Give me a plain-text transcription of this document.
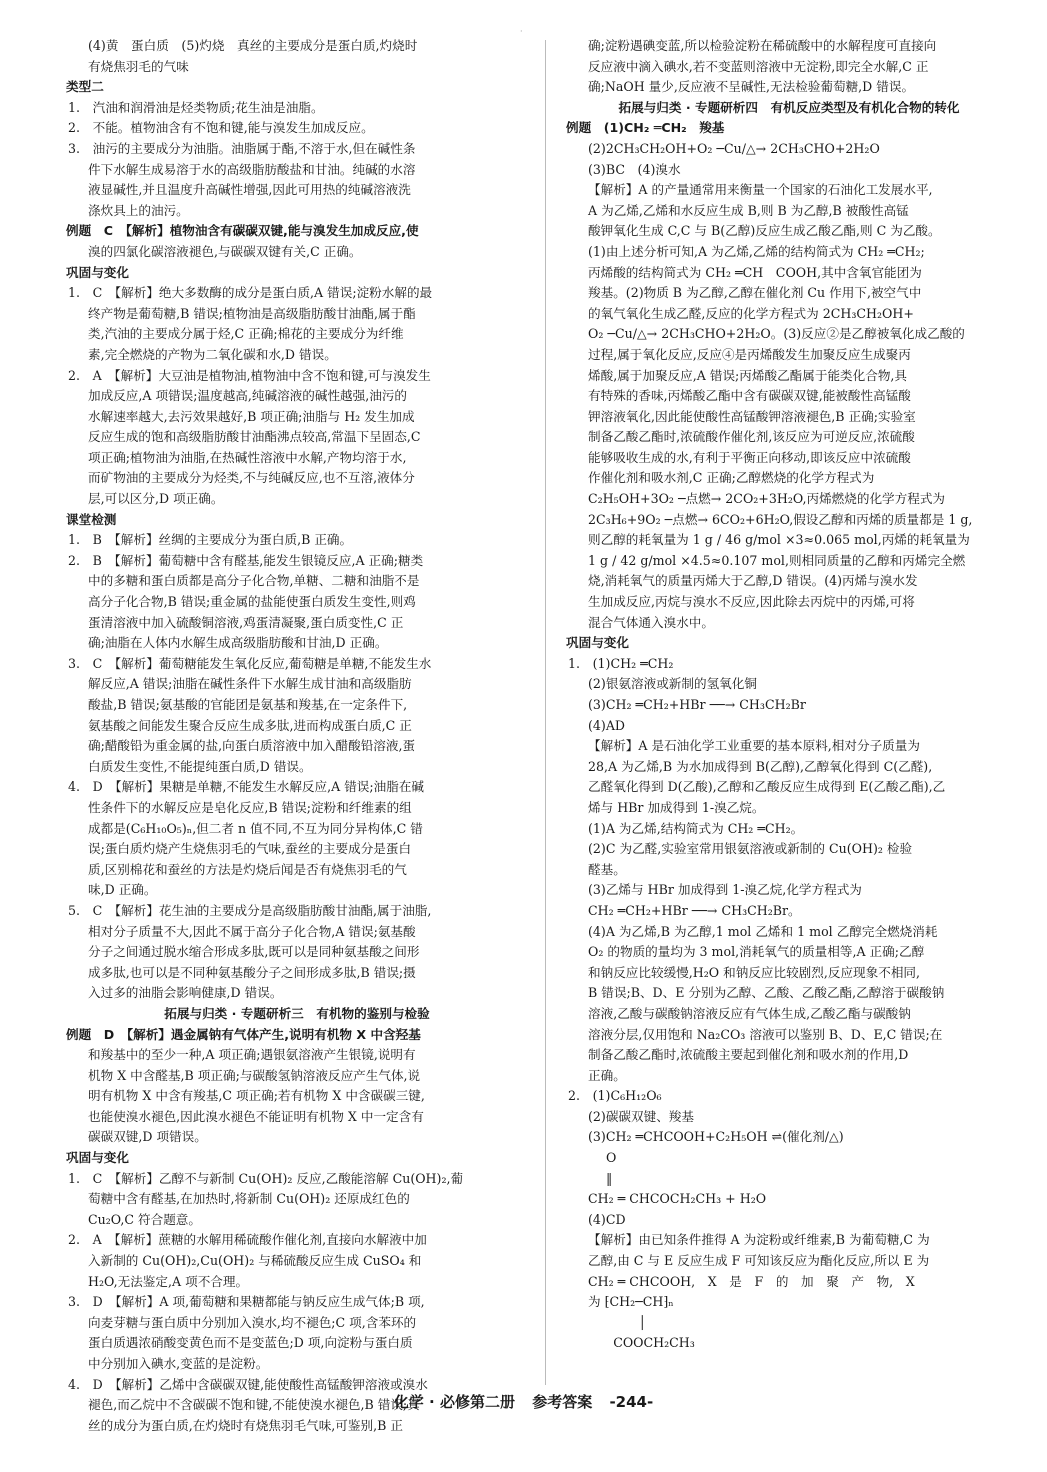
·
(4)黄　蛋白质　(5)灼烧　真丝的主要成分是蛋白质,灼烧时
有烧焦羽毛的气味
类型二
1.　汽油和润滑油是烃类物质;花生油是油脂。
2.　不能。植物油含有不饱和键,能与溴发生加成反应。
3.　油污的主要成分为油脂。油脂属于酯,不溶于水,但在碱性条
件下水解生成易溶于水的高级脂肪酸盐和甘油。纯碱的水溶
液显碱性,并且温度升高碱性增强,因此可用热的纯碱溶液洗
涤炊具上的油污。
例题　C　【解析】植物油含有碳碳双键,能与溴发生加成反应,使
溴的四氯化碳溶液褪色,与碳碳双键有关,C 正确。
巩固与变化
1.　C　【解析】绝大多数酶的成分是蛋白质,A 错误;淀粉水解的最
终产物是葡萄糖,B 错误;植物油是高级脂肪酸甘油酯,属于酯
类,汽油的主要成分属于烃,C 正确;棉花的主要成分为纤维
素,完全燃烧的产物为二氧化碳和水,D 错误。
2.　A　【解析】大豆油是植物油,植物油中含不饱和键,可与溴发生
加成反应,A 项错误;温度越高,纯碱溶液的碱性越强,油污的
水解速率越大,去污效果越好,B 项正确;油脂与 H₂ 发生加成
反应生成的饱和高级脂肪酸甘油酯沸点较高,常温下呈固态,C
项正确;植物油为油脂,在热碱性溶液中水解,产物均溶于水,
而矿物油的主要成分为烃类,不与纯碱反应,也不互溶,液体分
层,可以区分,D 项正确。
课堂检测
1.　B　【解析】丝绸的主要成分为蛋白质,B 正确。
2.　B　【解析】葡萄糖中含有醛基,能发生银镜反应,A 正确;糖类
中的多糖和蛋白质都是高分子化合物,单糖、二糖和油脂不是
高分子化合物,B 错误;重金属的盐能使蛋白质发生变性,则鸡
蛋清溶液中加入硫酸铜溶液,鸡蛋清凝聚,蛋白质变性,C 正
确;油脂在人体内水解生成高级脂肪酸和甘油,D 正确。
3.　C　【解析】葡萄糖能发生氧化反应,葡萄糖是单糖,不能发生水
解反应,A 错误;油脂在碱性条件下水解生成甘油和高级脂肪
酸盐,B 错误;氨基酸的官能团是氨基和羧基,在一定条件下,
氨基酸之间能发生聚合反应生成多肽,进而构成蛋白质,C 正
确;醋酸铅为重金属的盐,向蛋白质溶液中加入醋酸铅溶液,蛋
白质发生变性,不能提纯蛋白质,D 错误。
4.　D　【解析】果糖是单糖,不能发生水解反应,A 错误;油脂在碱
性条件下的水解反应是皂化反应,B 错误;淀粉和纤维素的组
成都是(C₆H₁₀O₅)ₙ,但二者 n 值不同,不互为同分异构体,C 错
误;蛋白质灼烧产生烧焦羽毛的气味,蚕丝的主要成分是蛋白
质,区别棉花和蚕丝的方法是灼烧后闻是否有烧焦羽毛的气
味,D 正确。
5.　C　【解析】花生油的主要成分是高级脂肪酸甘油酯,属于油脂,
相对分子质量不大,因此不属于高分子化合物,A 错误;氨基酸
分子之间通过脱水缩合形成多肽,既可以是同种氨基酸之间形
成多肽,也可以是不同种氨基酸分子之间形成多肽,B 错误;摄
入过多的油脂会影响健康,D 错误。
拓展与归类 · 专题研析三　有机物的鉴别与检验
例题　D　【解析】遇金属钠有气体产生,说明有机物 X 中含羟基
和羧基中的至少一种,A 项正确;遇银氨溶液产生银镜,说明有
机物 X 中含醛基,B 项正确;与碳酸氢钠溶液反应产生气体,说
明有机物 X 中含有羧基,C 项正确;若有机物 X 中含碳碳三键,
也能使溴水褪色,因此溴水褪色不能证明有机物 X 中一定含有
碳碳双键,D 项错误。
巩固与变化
1.　C　【解析】乙醇不与新制 Cu(OH)₂ 反应,乙酸能溶解 Cu(OH)₂,葡
萄糖中含有醛基,在加热时,将新制 Cu(OH)₂ 还原成红色的
Cu₂O,C 符合题意。
2.　A　【解析】蔗糖的水解用稀硫酸作催化剂,直接向水解液中加
入新制的 Cu(OH)₂,Cu(OH)₂ 与稀硫酸反应生成 CuSO₄ 和
H₂O,无法鉴定,A 项不合理。
3.　D　【解析】A 项,葡萄糖和果糖都能与钠反应生成气体;B 项,
向麦芽糖与蛋白质中分别加入溴水,均不褪色;C 项,含苯环的
蛋白质遇浓硝酸变黄色而不是变蓝色;D 项,向淀粉与蛋白质
中分别加入碘水,变蓝的是淀粉。
4.　D　【解析】乙烯中含碳碳双键,能使酸性高锰酸钾溶液或溴水
褪色,而乙烷中不含碳碳不饱和键,不能使溴水褪色,B 错误;真
丝的成分为蛋白质,在灼烧时有烧焦羽毛气味,可鉴别,B 正
确;淀粉遇碘变蓝,所以检验淀粉在稀硫酸中的水解程度可直接向
反应液中滴入碘水,若不变蓝则溶液中无淀粉,即完全水解,C 正
确;NaOH 量少,反应液不呈碱性,无法检验葡萄糖,D 错误。
拓展与归类 · 专题研析四　有机反应类型及有机化合物的转化
例题　(1)CH₂ ═CH₂　羧基
(2)2CH₃CH₂OH+O₂ ─Cu/△→ 2CH₃CHO+2H₂O
(3)BC　(4)溴水
【解析】A 的产量通常用来衡量一个国家的石油化工发展水平,
A 为乙烯,乙烯和水反应生成 B,则 B 为乙醇,B 被酸性高锰
酸钾氧化生成 C,C 与 B(乙醇)反应生成乙酸乙酯,则 C 为乙酸。
(1)由上述分析可知,A 为乙烯,乙烯的结构简式为 CH₂ ═CH₂;
丙烯酸的结构简式为 CH₂ ═CH　COOH,其中含氧官能团为
羧基。(2)物质 B 为乙醇,乙醇在催化剂 Cu 作用下,被空气中
的氧气氧化生成乙醛,反应的化学方程式为 2CH₃CH₂OH+
O₂ ─Cu/△→ 2CH₃CHO+2H₂O。(3)反应②是乙醇被氧化成乙酸的
过程,属于氧化反应,反应④是丙烯酸发生加聚反应生成聚丙
烯酸,属于加聚反应,A 错误;丙烯酸乙酯属于能类化合物,具
有特殊的香味,丙烯酸乙酯中含有碳碳双键,能被酸性高锰酸
钾溶液氧化,因此能使酸性高锰酸钾溶液褪色,B 正确;实验室
制备乙酸乙酯时,浓硫酸作催化剂,该反应为可逆反应,浓硫酸
能够吸收生成的水,有利于平衡正向移动,即该反应中浓硫酸
作催化剂和吸水剂,C 正确;乙醇燃烧的化学方程式为
C₂H₅OH+3O₂ ─点燃→ 2CO₂+3H₂O,丙烯燃烧的化学方程式为
2C₃H₆+9O₂ ─点燃→ 6CO₂+6H₂O,假设乙醇和丙烯的质量都是 1 g,
则乙醇的耗氧量为 1 g / 46 g/mol ×3≈0.065 mol,丙烯的耗氧量为
1 g / 42 g/mol ×4.5≈0.107 mol,则相同质量的乙醇和丙烯完全燃
烧,消耗氧气的质量丙烯大于乙醇,D 错误。(4)丙烯与溴水发
生加成反应,丙烷与溴水不反应,因此除去丙烷中的丙烯,可将
混合气体通入溴水中。
巩固与变化
1.　(1)CH₂ ═CH₂
(2)银氨溶液或新制的氢氧化铜
(3)CH₂ ═CH₂+HBr ──→ CH₃CH₂Br
(4)AD
【解析】A 是石油化学工业重要的基本原料,相对分子质量为
28,A 为乙烯,B 为水加成得到 B(乙醇),乙醇氧化得到 C(乙醛),
乙醛氧化得到 D(乙酸),乙醇和乙酸反应生成得到 E(乙酸乙酯),乙
烯与 HBr 加成得到 1-溴乙烷。
(1)A 为乙烯,结构简式为 CH₂ ═CH₂。
(2)C 为乙醛,实验室常用银氨溶液或新制的 Cu(OH)₂ 检验
醛基。
(3)乙烯与 HBr 加成得到 1-溴乙烷,化学方程式为
CH₂ ═CH₂+HBr ──→ CH₃CH₂Br。
(4)A 为乙烯,B 为乙醇,1 mol 乙烯和 1 mol 乙醇完全燃烧消耗
O₂ 的物质的量均为 3 mol,消耗氧气的质量相等,A 正确;乙醇
和钠反应比较缓慢,H₂O 和钠反应比较剧烈,反应现象不相同,
B 错误;B、D、E 分别为乙醇、乙酸、乙酸乙酯,乙醇溶于碳酸钠
溶液,乙酸与碳酸钠溶液反应有气体生成,乙酸乙酯与碳酸钠
溶液分层,仅用饱和 Na₂CO₃ 溶液可以鉴别 B、D、E,C 错误;在
制备乙酸乙酯时,浓硫酸主要起到催化剂和吸水剂的作用,D
正确。
2.　(1)C₆H₁₂O₆
(2)碳碳双键、羧基
(3)CH₂ ═CHCOOH+C₂H₅OH ⇌(催化剂/△)
O
‖
CH₂ ═ CHCOCH₂CH₃ + H₂O
(4)CD
【解析】由已知条件推得 A 为淀粉或纤维素,B 为葡萄糖,C 为
乙醇,由 C 与 E 反应生成 F 可知该反应为酯化反应,所以 E 为
CH₂ ═ CHCOOH,　X　是　F　的　加　聚　产　物,　X
为 ⁅CH₂─CH⁆ₙ
　　　　│
　　COOCH₂CH₃
化学 · 必修第二册 参考答案 -244-
